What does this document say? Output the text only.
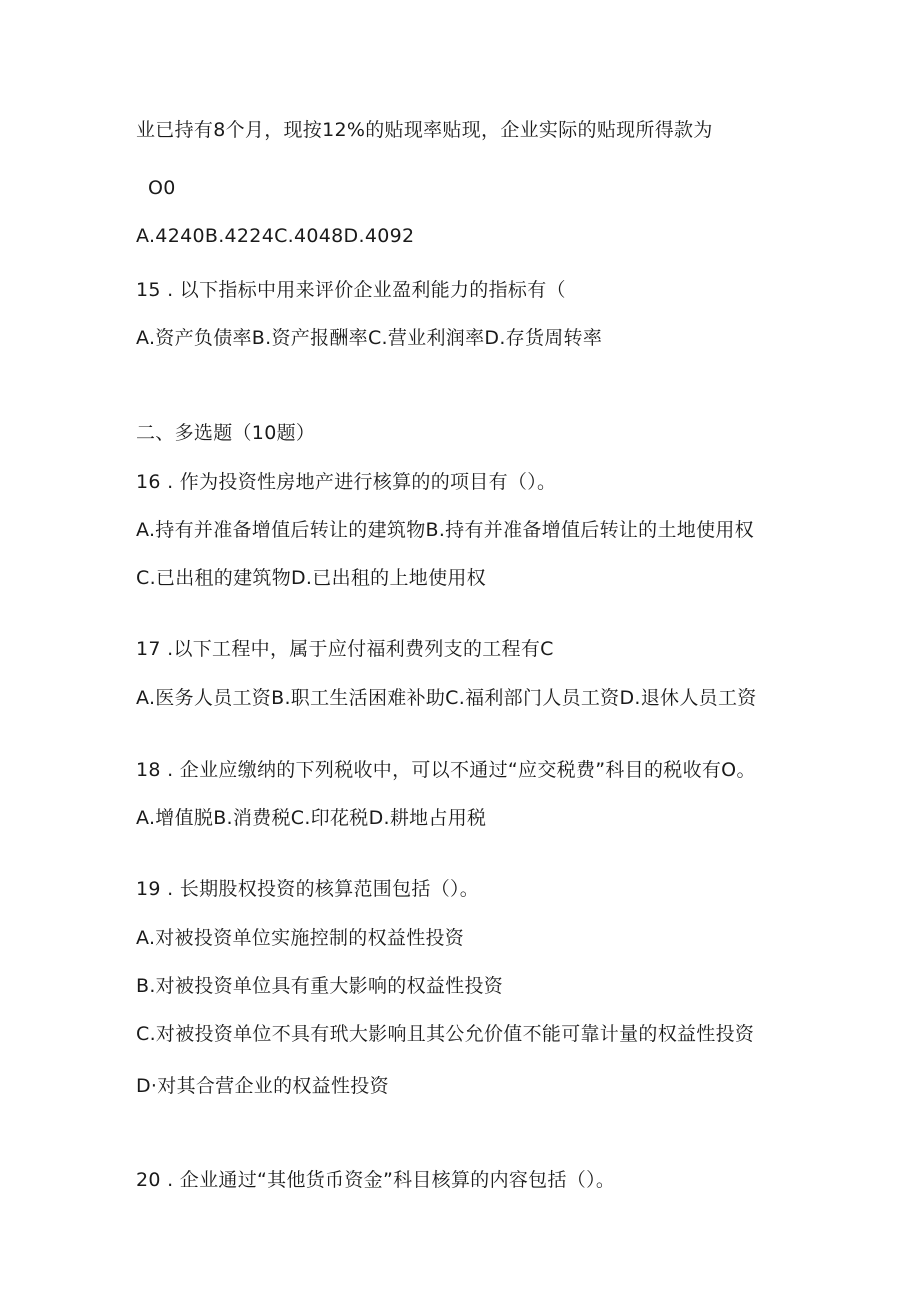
业已持有8个月，现按12%的贴现率贴现，企业实际的贴现所得款为
O0
A.4240B.4224C.4048D.4092
15 . 以下指标中用来评价企业盈利能力的指标有（
A.资产负债率B.资产报酬率C.营业利润率D.存货周转率
二、多选题（10题）
16 . 作为投资性房地产进行核算的的项目有（）。
A.持有并准备增值后转让的建筑物B.持有并准备增值后转让的土地使用权
C.已出租的建筑物D.已出租的上地使用权
17 .以下工程中，属于应付福利费列支的工程有C
A.医务人员工资B.职工生活困难补助C.福利部门人员工资D.退休人员工资
18 . 企业应缴纳的下列税收中，可以不通过“应交税费”科目的税收有O。
A.增值脱B.消费税C.印花税D.耕地占用税
19 . 长期股权投资的核算范围包括（）。
A.对被投资单位实施控制的权益性投资
B.对被投资单位具有重大影响的权益性投资
C.对被投资单位不具有玳大影响且其公允价值不能可靠计量的权益性投资
D·对其合营企业的权益性投资
20 . 企业通过“其他货币资金”科目核算的内容包括（）。
